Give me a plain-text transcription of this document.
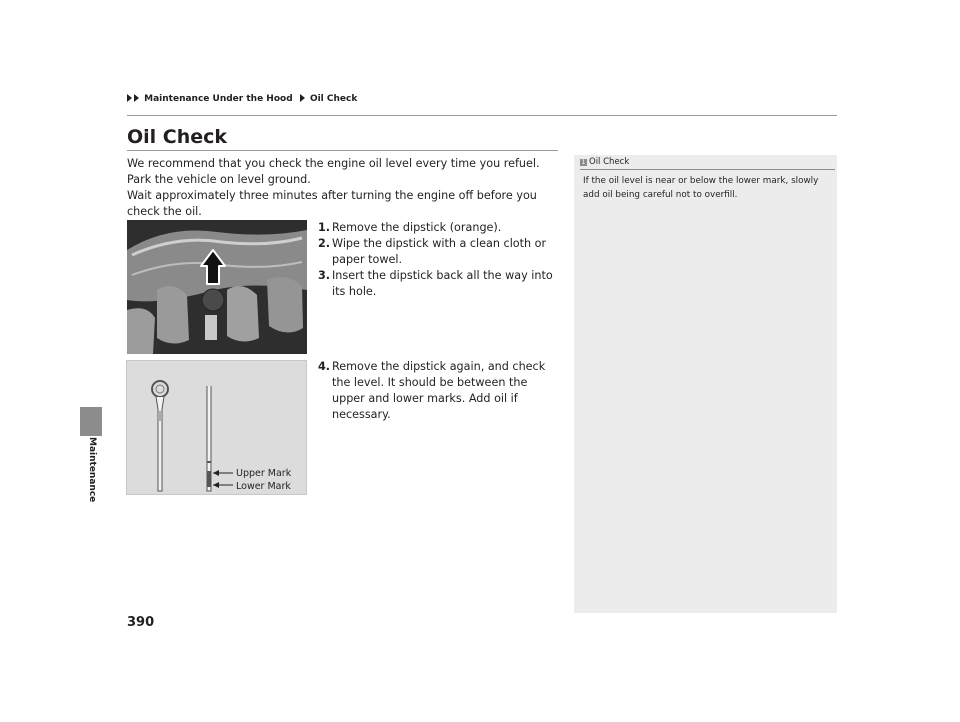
Maintenance Under the Hood Oil Check
Maintenance
Oil Check
We recommend that you check the engine oil level every time you refuel.
Park the vehicle on level ground.
Wait approximately three minutes after turning the engine off before you check the oil.
1. Remove the dipstick (orange).
2. Wipe the dipstick with a clean cloth or paper towel.
3. Insert the dipstick back all the way into its hole.
Upper Mark
Lower Mark
4. Remove the dipstick again, and check the level. It should be between the upper and lower marks. Add oil if necessary.
1 Oil Check
If the oil level is near or below the lower mark, slowly add oil being careful not to overfill.
390
